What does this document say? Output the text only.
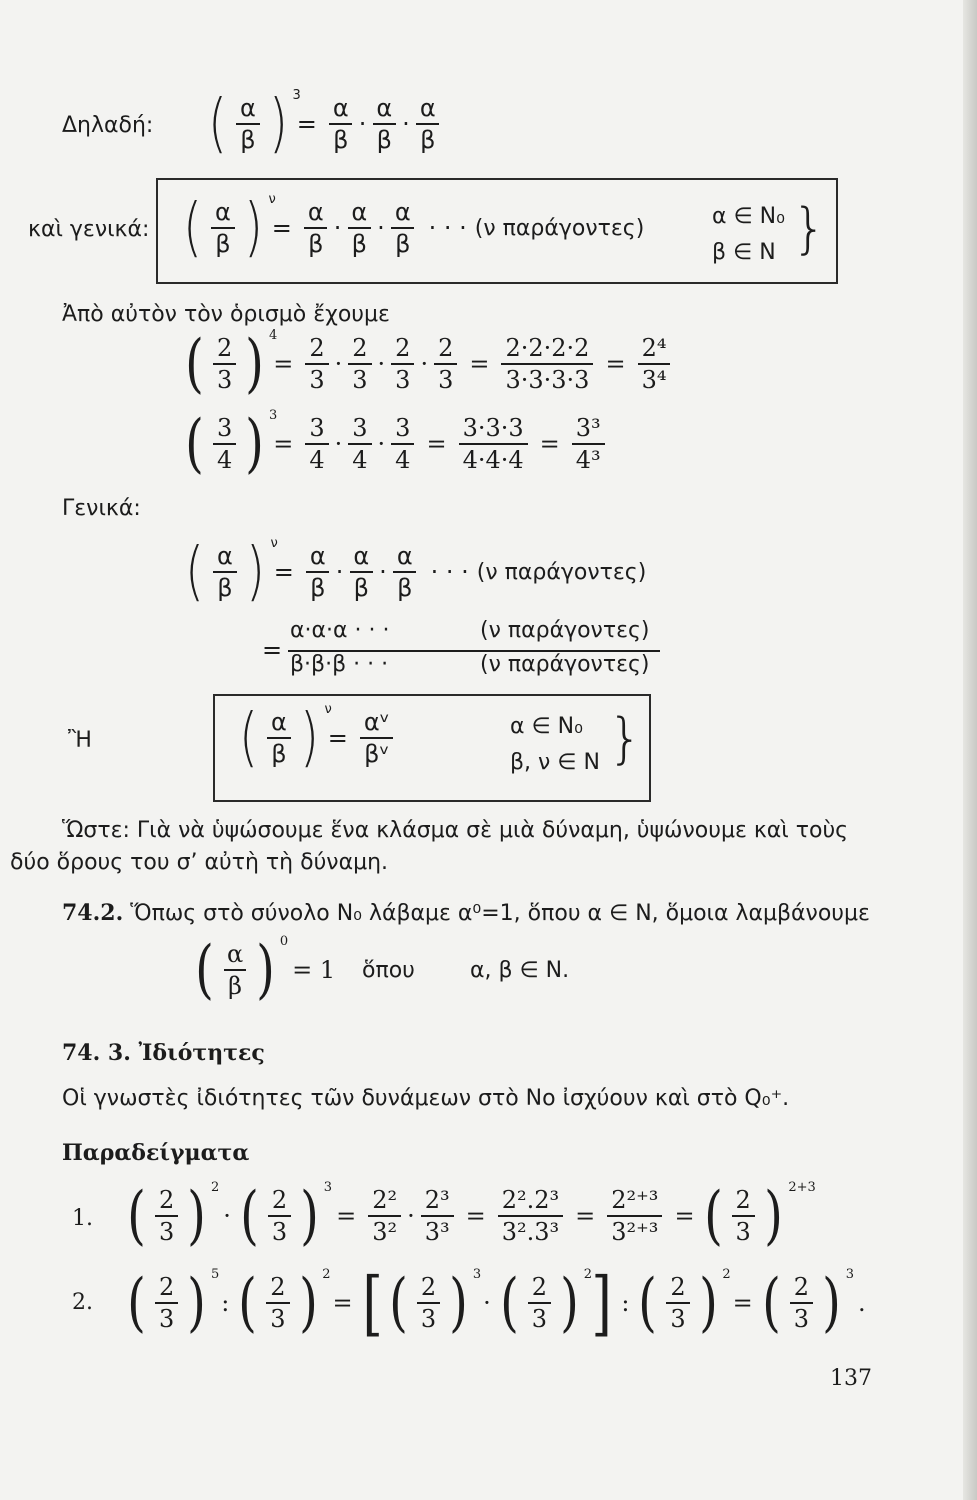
Δηλαδή: ( $\frac{\alpha}{\beta}$ ) 3
= $\frac{\alpha}{\beta} \cdot \frac{\alpha}{\beta} \cdot \frac{\alpha}{\beta}$
καὶ γενικά: ( $\frac{\alpha}{\beta}$ ) ν
= $\frac{\alpha}{\beta} \cdot \frac{\alpha}{\beta} \cdot \frac{\alpha}{\beta}$ · · · (ν παράγοντες)	α ∈ N₀
β ∈ N }
Ἀπὸ αὐτὸν τὸν ὁρισμὸ ἔχουμε
( $\frac{2}{3}$ ) 4
= $\frac{2}{3} \cdot \frac{2}{3} \cdot \frac{2}{3} \cdot \frac{2}{3} = \frac{2\cdot 2\cdot 2\cdot 2}{3\cdot 3\cdot 3\cdot 3} = \frac{\text{2⁴}}{\text{3⁴}}$
( $\frac{3}{4}$ ) 3
= $\frac{3}{4} \cdot \frac{3}{4} \cdot \frac{3}{4} = \frac{3\cdot 3\cdot 3}{4\cdot 4\cdot 4} = \frac{\text{3³}}{\text{4³}}$
Γενικά:
( $\frac{\alpha}{\beta}$ ) ν
= $\frac{\alpha}{\beta} \cdot \frac{\alpha}{\beta} \cdot \frac{\alpha}{\beta}$ · · · (ν παράγοντες)
=
α·α·α · · ·	(ν παράγοντες)
β·β·β · · ·	(ν παράγοντες)
Ἢ ( $\frac{\alpha}{\beta}$ ) ν
= $\frac{\text{αᵛ}}{\text{βᵛ}}$	α ∈ N₀
β, ν ∈ N }
Ὥστε: Γιὰ νὰ ὑψώσουμε ἕνα κλάσμα σὲ μιὰ δύναμη, ὑψώνουμε καὶ τοὺς
δύο ὅρους του σ’ αὐτὴ τὴ δύναμη.
74.2. Ὅπως στὸ σύνολο N₀ λάβαμε α⁰=1, ὅπου α ∈ N, ὅμοια λαμβάνουμε
( $\frac{\alpha}{\beta}$ ) 0
= 1 ὅπου	α, β ∈ N.
74. 3. Ἰδιότητες
Οἱ γνωστὲς ἰδιότητες τῶν δυνάμεων στὸ Νο ἰσχύουν καὶ στὸ Q₀⁺.
Παραδείγματα
1. ( $\frac{2}{3}$ ) 2
· ( $\frac{2}{3}$ ) 3
= $\frac{\text{2²}}{\text{3²}} \cdot \frac{\text{2³}}{\text{3³}} = \frac{\text{2².2³}}{\text{3².3³}} = \frac{\text{2²⁺³}}{\text{3²⁺³}}$ = ( $\frac{2}{3}$ ) 2+3
2. ( $\frac{2}{3}$ ) 5
: ( $\frac{2}{3}$ ) 2
= [ ( $\frac{2}{3}$ ) 3
· ( $\frac{2}{3}$ ) 2 ] : ( $\frac{2}{3}$ ) 2
= ( $\frac{2}{3}$ ) 3
.
137
